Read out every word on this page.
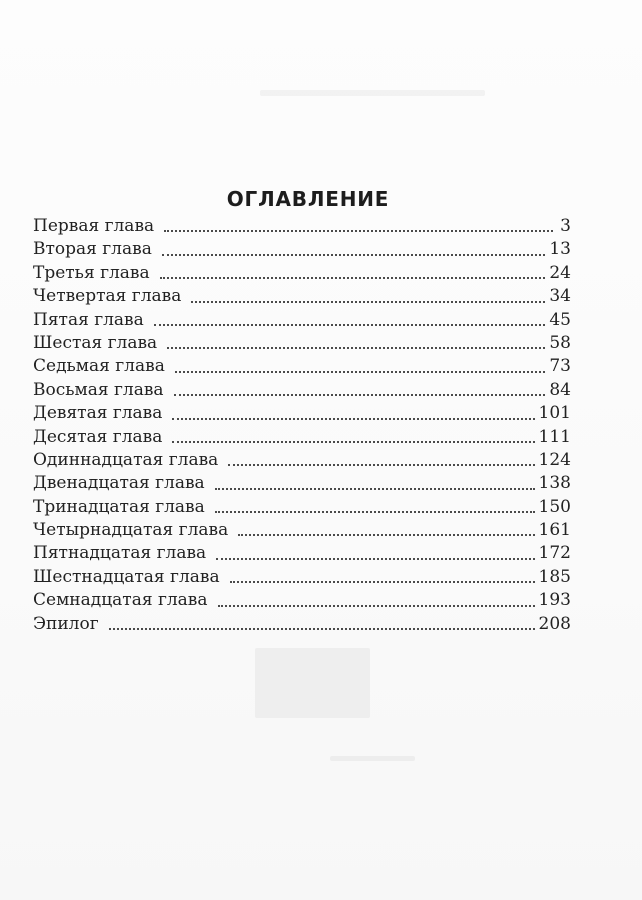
ОГЛАВЛЕНИЕ
Первая глава	3
Вторая глава	13
Третья глава	24
Четвертая глава	34
Пятая глава	45
Шестая глава	58
Седьмая глава	73
Восьмая глава	84
Девятая глава	101
Десятая глава	111
Одиннадцатая глава	124
Двенадцатая глава	138
Тринадцатая глава	150
Четырнадцатая глава	161
Пятнадцатая глава	172
Шестнадцатая глава	185
Семнадцатая глава	193
Эпилог	208
